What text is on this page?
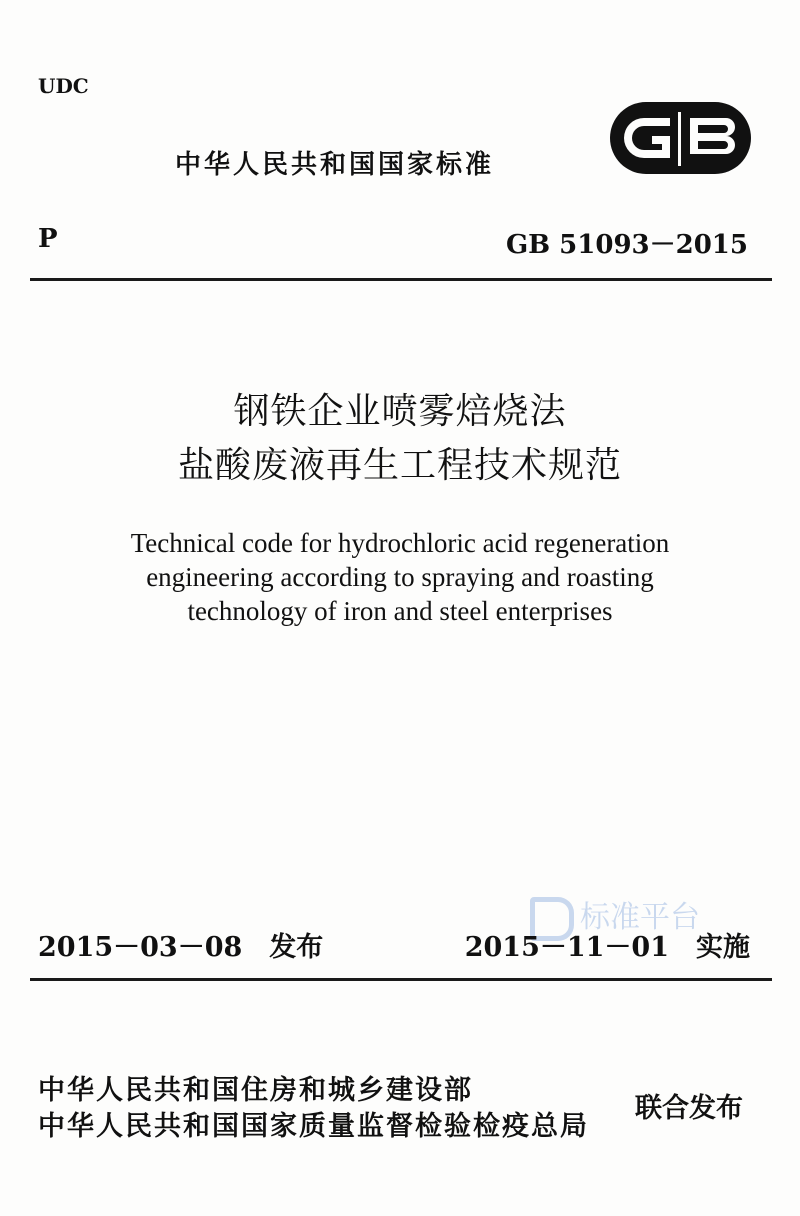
UDC
中华人民共和国国家标准
P	GB 51093－2015
钢铁企业喷雾焙烧法
盐酸废液再生工程技术规范
Technical code for hydrochloric acid regeneration
engineering according to spraying and roasting
technology of iron and steel enterprises
标准平台
2015－03－08　发布	2015－11－01　实施
中华人民共和国住房和城乡建设部
中华人民共和国国家质量监督检验检疫总局
联合发布
